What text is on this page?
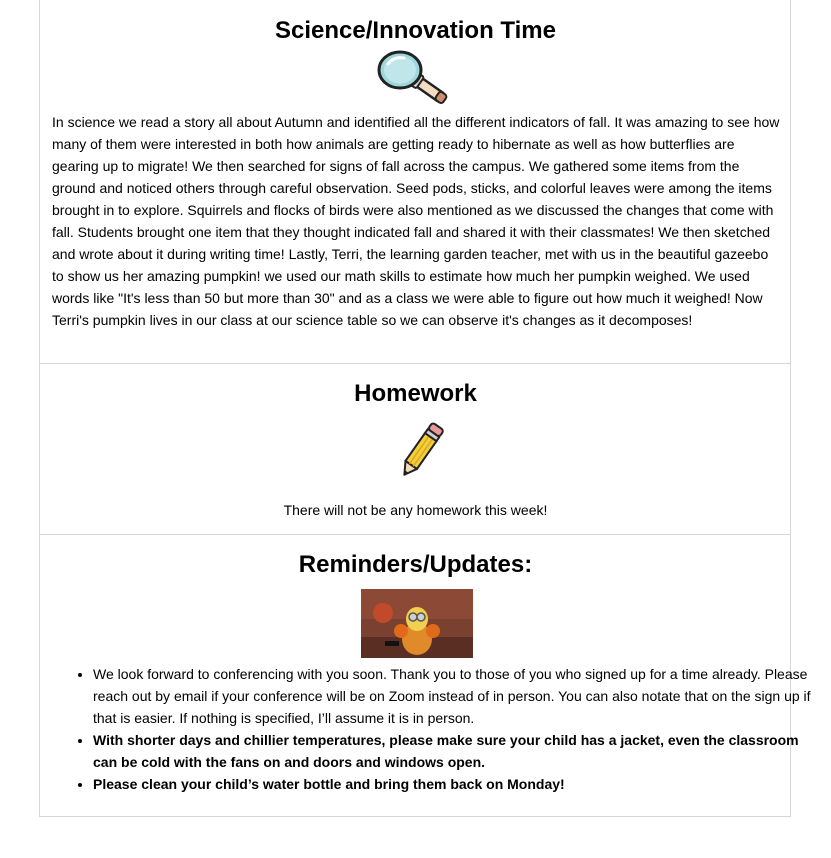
Science/Innovation Time

In science we read a story all about Autumn and identified all the different indicators of fall. It was amazing to see how many of them were interested in both how animals are getting ready to hibernate as well as how butterflies are gearing up to migrate! We then searched for signs of fall across the campus. We gathered some items from the ground and noticed others through careful observation. Seed pods, sticks, and colorful leaves were among the items brought in to explore. Squirrels and flocks of birds were also mentioned as we discussed the changes that come with fall. Students brought one item that they thought indicated fall and shared it with their classmates! We then sketched and wrote about it during writing time! Lastly, Terri, the learning garden teacher, met with us in the beautiful gazeebo to show us her amazing pumpkin! we used our math skills to estimate how much her pumpkin weighed. We used words like "It's less than 50 but more than 30" and as a class we were able to figure out how much it weighed! Now Terri's pumpkin lives in our class at our science table so we can observe it's changes as it decomposes!

Homework

There will not be any homework this week!

Reminders/Updates:
• We look forward to conferencing with you soon. Thank you to those of you who signed up for a time already. Please reach out by email if your conference will be on Zoom instead of in person. You can also notate that on the sign up if that is easier. If nothing is specified, I’ll assume it is in person.
• With shorter days and chillier temperatures, please make sure your child has a jacket, even the classroom can be cold with the fans on and doors and windows open.
• Please clean your child’s water bottle and bring them back on Monday!
